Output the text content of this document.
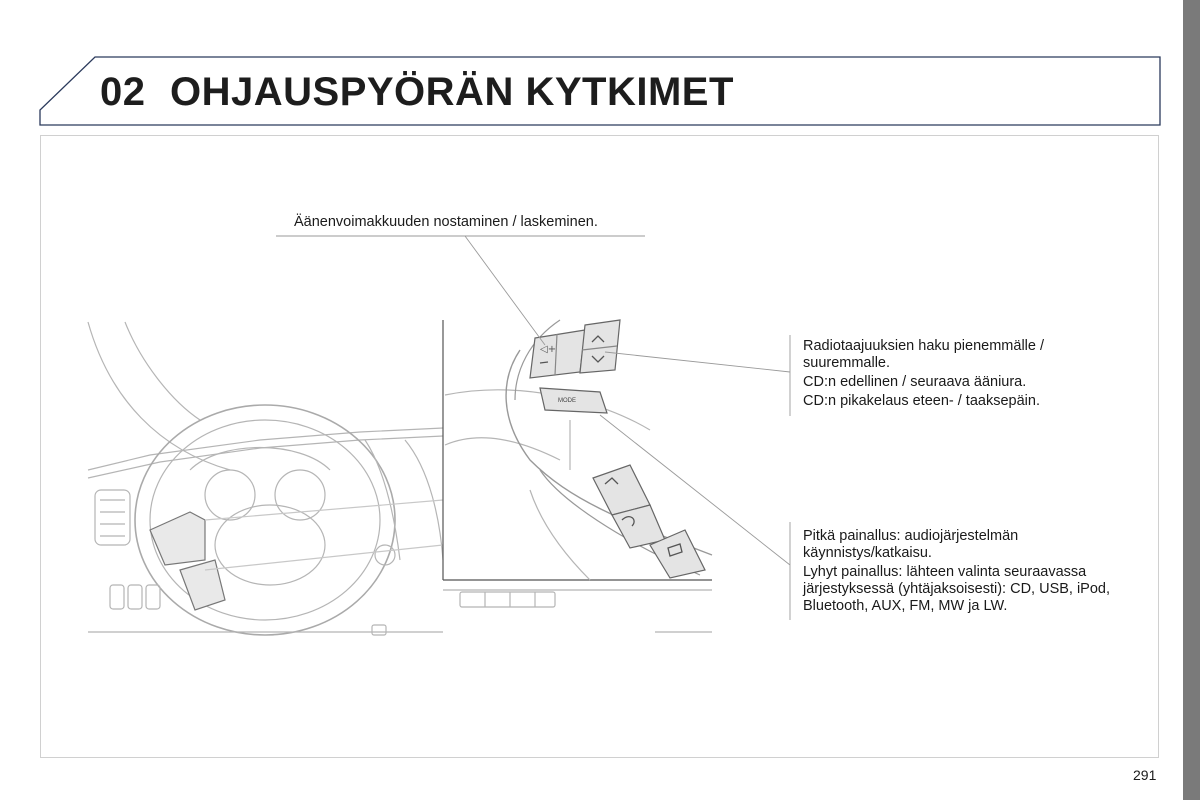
02 OHJAUSPYÖRÄN KYTKIMET
◁+
MODE
Äänenvoimakkuuden nostaminen / laskeminen.

Radiotaajuuksien haku pienemmälle / suuremmalle.

CD:n edellinen / seuraava ääniura.

CD:n pikakelaus eteen- / taaksepäin.

Pitkä painallus: audiojärjestelmän käynnistys/katkaisu.

Lyhyt painallus: lähteen valinta seuraavassa järjestyksessä (yhtäjaksoisesti): CD, USB, iPod, Bluetooth, AUX, FM, MW ja LW.

291
